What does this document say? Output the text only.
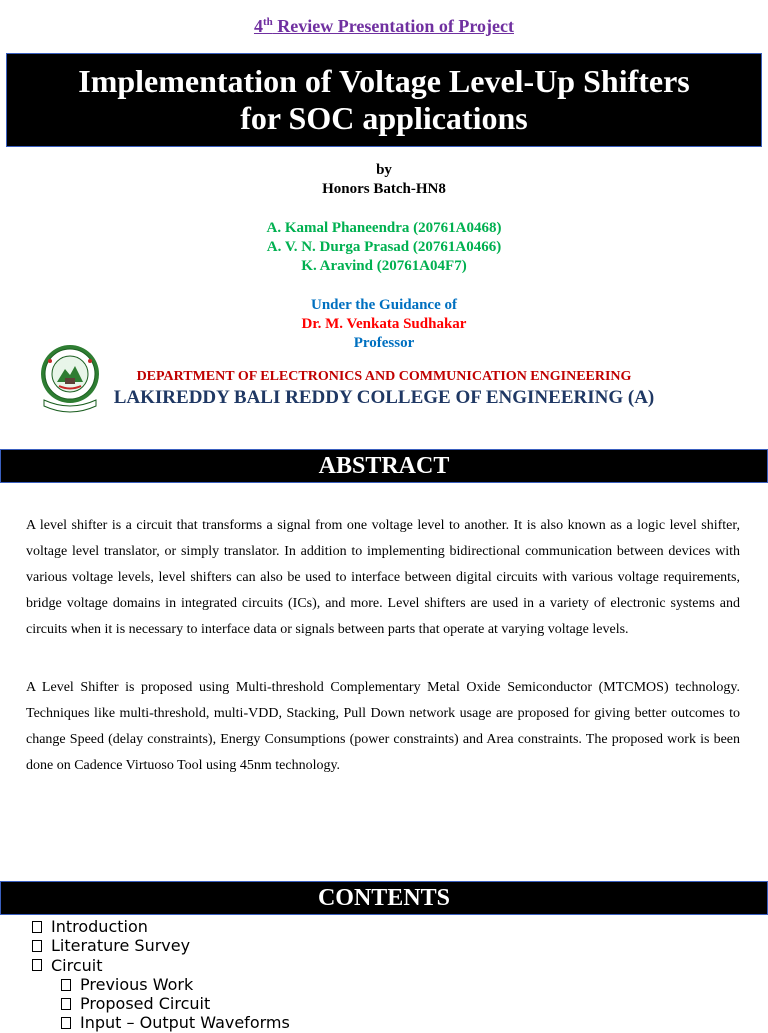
4th Review Presentation of Project
Implementation of Voltage Level-Up Shifters
for SOC applications
by
Honors Batch-HN8
A. Kamal Phaneendra (20761A0468)
A. V. N. Durga Prasad (20761A0466)
K. Aravind (20761A04F7)
Under the Guidance of
Dr. M. Venkata Sudhakar
Professor
DEPARTMENT OF ELECTRONICS AND COMMUNICATION ENGINEERING
LAKIREDDY BALI REDDY COLLEGE OF ENGINEERING (A)
ABSTRACT

A level shifter is a circuit that transforms a signal from one voltage level to another. It is also known as a logic level shifter, voltage level translator, or simply translator. In addition to implementing bidirectional communication between devices with various voltage levels, level shifters can also be used to interface between digital circuits with various voltage requirements, bridge voltage domains in integrated circuits (ICs), and more. Level shifters are used in a variety of electronic systems and circuits when it is necessary to interface data or signals between parts that operate at varying voltage levels.

A Level Shifter is proposed using Multi-threshold Complementary Metal Oxide Semiconductor (MTCMOS) technology. Techniques like multi-threshold, multi-VDD, Stacking, Pull Down network usage are proposed for giving better outcomes to change Speed (delay constraints), Energy Consumptions (power constraints) and Area constraints. The proposed work is been done on Cadence Virtuoso Tool using 45nm technology.

CONTENTS
Introduction
Literature Survey
Circuit
Previous Work
Proposed Circuit
Input – Output Waveforms
